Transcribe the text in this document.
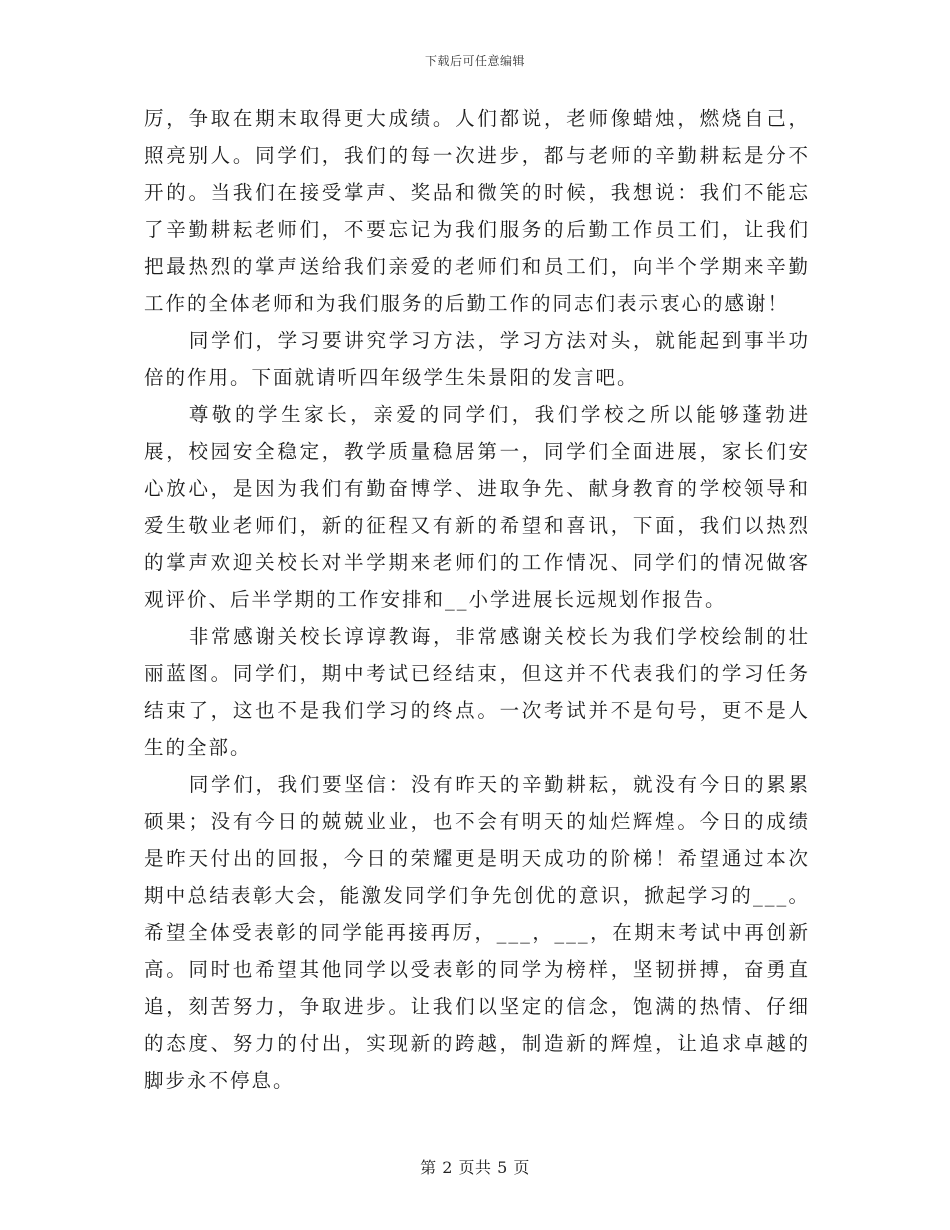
下载后可任意编辑

厉，争取在期末取得更大成绩。人们都说，老师像蜡烛，燃烧自己，照亮别人。同学们，我们的每一次进步，都与老师的辛勤耕耘是分不开的。当我们在接受掌声、奖品和微笑的时候，我想说：我们不能忘了辛勤耕耘老师们，不要忘记为我们服务的后勤工作员工们，让我们把最热烈的掌声送给我们亲爱的老师们和员工们，向半个学期来辛勤工作的全体老师和为我们服务的后勤工作的同志们表示衷心的感谢！

同学们，学习要讲究学习方法，学习方法对头，就能起到事半功倍的作用。下面就请听四年级学生朱景阳的发言吧。

尊敬的学生家长，亲爱的同学们，我们学校之所以能够蓬勃进展，校园安全稳定，教学质量稳居第一，同学们全面进展，家长们安心放心，是因为我们有勤奋博学、进取争先、献身教育的学校领导和爱生敬业老师们，新的征程又有新的希望和喜讯，下面，我们以热烈的掌声欢迎关校长对半学期来老师们的工作情况、同学们的情况做客观评价、后半学期的工作安排和__小学进展长远规划作报告。

非常感谢关校长谆谆教诲，非常感谢关校长为我们学校绘制的壮丽蓝图。同学们，期中考试已经结束，但这并不代表我们的学习任务结束了，这也不是我们学习的终点。一次考试并不是句号，更不是人生的全部。

同学们，我们要坚信：没有昨天的辛勤耕耘，就没有今日的累累硕果；没有今日的兢兢业业，也不会有明天的灿烂辉煌。今日的成绩是昨天付出的回报，今日的荣耀更是明天成功的阶梯！希望通过本次期中总结表彰大会，能激发同学们争先创优的意识，掀起学习的___。希望全体受表彰的同学能再接再厉，___，___，在期末考试中再创新高。同时也希望其他同学以受表彰的同学为榜样，坚韧拼搏，奋勇直追，刻苦努力，争取进步。让我们以坚定的信念，饱满的热情、仔细的态度、努力的付出，实现新的跨越，制造新的辉煌，让追求卓越的脚步永不停息。

第 2 页共 5 页
